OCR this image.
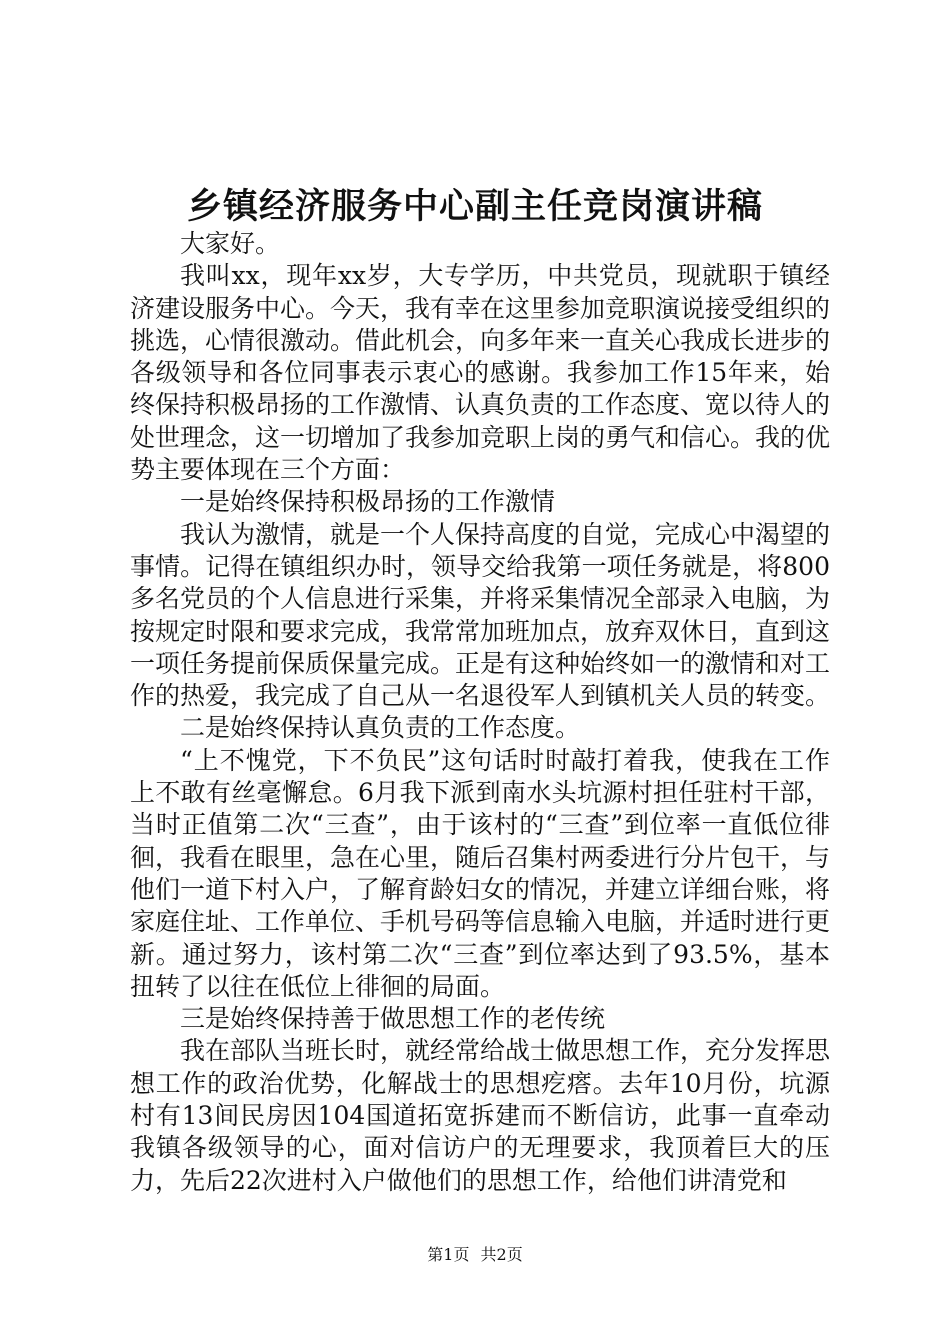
乡镇经济服务中心副主任竞岗演讲稿

大家好。

我叫xx，现年xx岁，大专学历，中共党员，现就职于镇经济建设服务中心。今天，我有幸在这里参加竞职演说接受组织的挑选，心情很激动。借此机会，向多年来一直关心我成长进步的各级领导和各位同事表示衷心的感谢。我参加工作15年来，始终保持积极昂扬的工作激情、认真负责的工作态度、宽以待人的处世理念，这一切增加了我参加竞职上岗的勇气和信心。我的优势主要体现在三个方面：

一是始终保持积极昂扬的工作激情

我认为激情，就是一个人保持高度的自觉，完成心中渴望的事情。记得在镇组织办时，领导交给我第一项任务就是，将800多名党员的个人信息进行采集，并将采集情况全部录入电脑，为按规定时限和要求完成，我常常加班加点，放弃双休日，直到这一项任务提前保质保量完成。正是有这种始终如一的激情和对工作的热爱，我完成了自己从一名退役军人到镇机关人员的转变。

二是始终保持认真负责的工作态度。

“上不愧党，下不负民”这句话时时敲打着我，使我在工作上不敢有丝毫懈怠。6月我下派到南水头坑源村担任驻村干部，当时正值第二次“三查”，由于该村的“三查”到位率一直低位徘徊，我看在眼里，急在心里，随后召集村两委进行分片包干，与他们一道下村入户，了解育龄妇女的情况，并建立详细台账，将家庭住址、工作单位、手机号码等信息输入电脑，并适时进行更新。通过努力，该村第二次“三查”到位率达到了93.5%，基本扭转了以往在低位上徘徊的局面。

三是始终保持善于做思想工作的老传统

我在部队当班长时，就经常给战士做思想工作，充分发挥思想工作的政治优势，化解战士的思想疙瘩。去年10月份，坑源村有13间民房因104国道拓宽拆建而不断信访，此事一直牵动我镇各级领导的心，面对信访户的无理要求，我顶着巨大的压力，先后22次进村入户做他们的思想工作，给他们讲清党和

第1页 共2页
